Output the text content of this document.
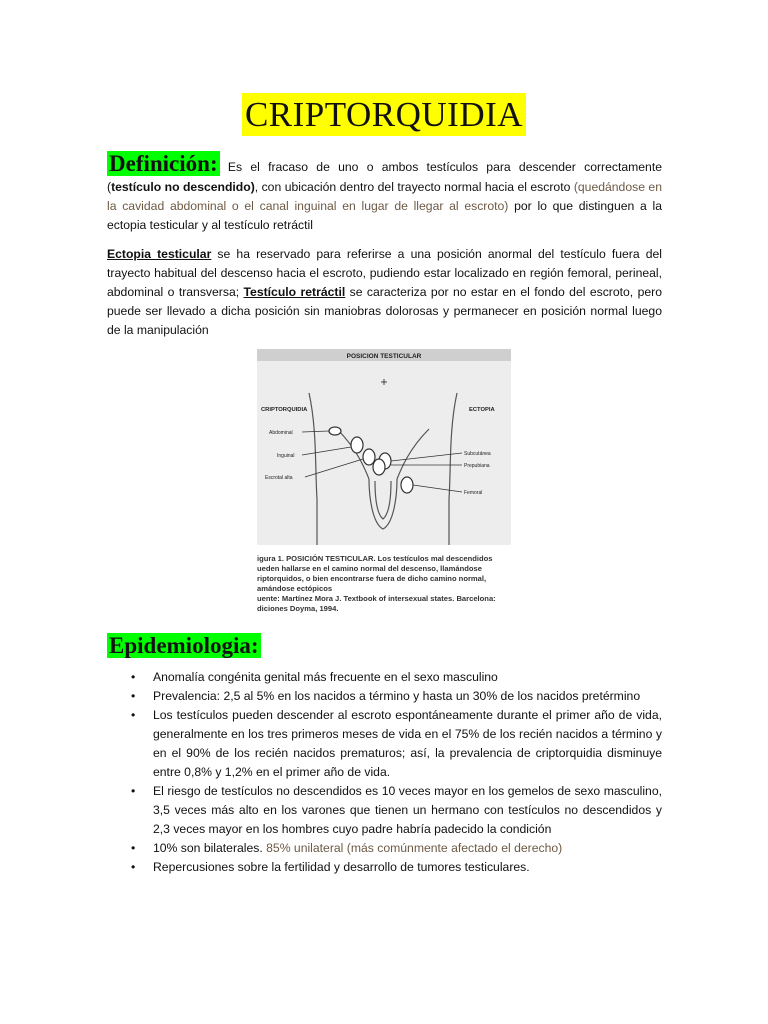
CRIPTORQUIDIA
Definición: Es el fracaso de uno o ambos testículos para descender correctamente (testículo no descendido), con ubicación dentro del trayecto normal hacia el escroto (quedándose en la cavidad abdominal o el canal inguinal en lugar de llegar al escroto) por lo que distinguen a la ectopia testicular y al testículo retráctil
Ectopia testicular se ha reservado para referirse a una posición anormal del testículo fuera del trayecto habitual del descenso hacia el escroto, pudiendo estar localizado en región femoral, perineal, abdominal o transversa; Testículo retráctil se caracteriza por no estar en el fondo del escroto, pero puede ser llevado a dicha posición sin maniobras dolorosas y permanecer en posición normal luego de la manipulación
POSICION TESTICULAR
CRIPTORQUIDIA	ECTOPIA
Abdominal
Inguinal
Escrotal alta
Subcutánea
Prepubiana
Femoral
igura 1. POSICIÓN TESTICULAR. Los testículos mal descendidos
ueden hallarse en el camino normal del descenso, llamándose
riptorquidos, o bien encontrarse fuera de dicho camino normal,
amándose ectópicos
uente: Martínez Mora J. Textbook of intersexual states. Barcelona:
diciones Doyma, 1994.
Epidemiologia:
• Anomalía congénita genital más frecuente en el sexo masculino
• Prevalencia: 2,5 al 5% en los nacidos a término y hasta un 30% de los nacidos pretérmino
• Los testículos pueden descender al escroto espontáneamente durante el primer año de vida, generalmente en los tres primeros meses de vida en el 75% de los recién nacidos a término y en el 90% de los recién nacidos prematuros; así, la prevalencia de criptorquidia disminuye entre 0,8% y 1,2% en el primer año de vida.
• El riesgo de testículos no descendidos es 10 veces mayor en los gemelos de sexo masculino, 3,5 veces más alto en los varones que tienen un hermano con testículos no descendidos y 2,3 veces mayor en los hombres cuyo padre habría padecido la condición
• 10% son bilaterales. 85% unilateral (más comúnmente afectado el derecho)
• Repercusiones sobre la fertilidad y desarrollo de tumores testiculares.
